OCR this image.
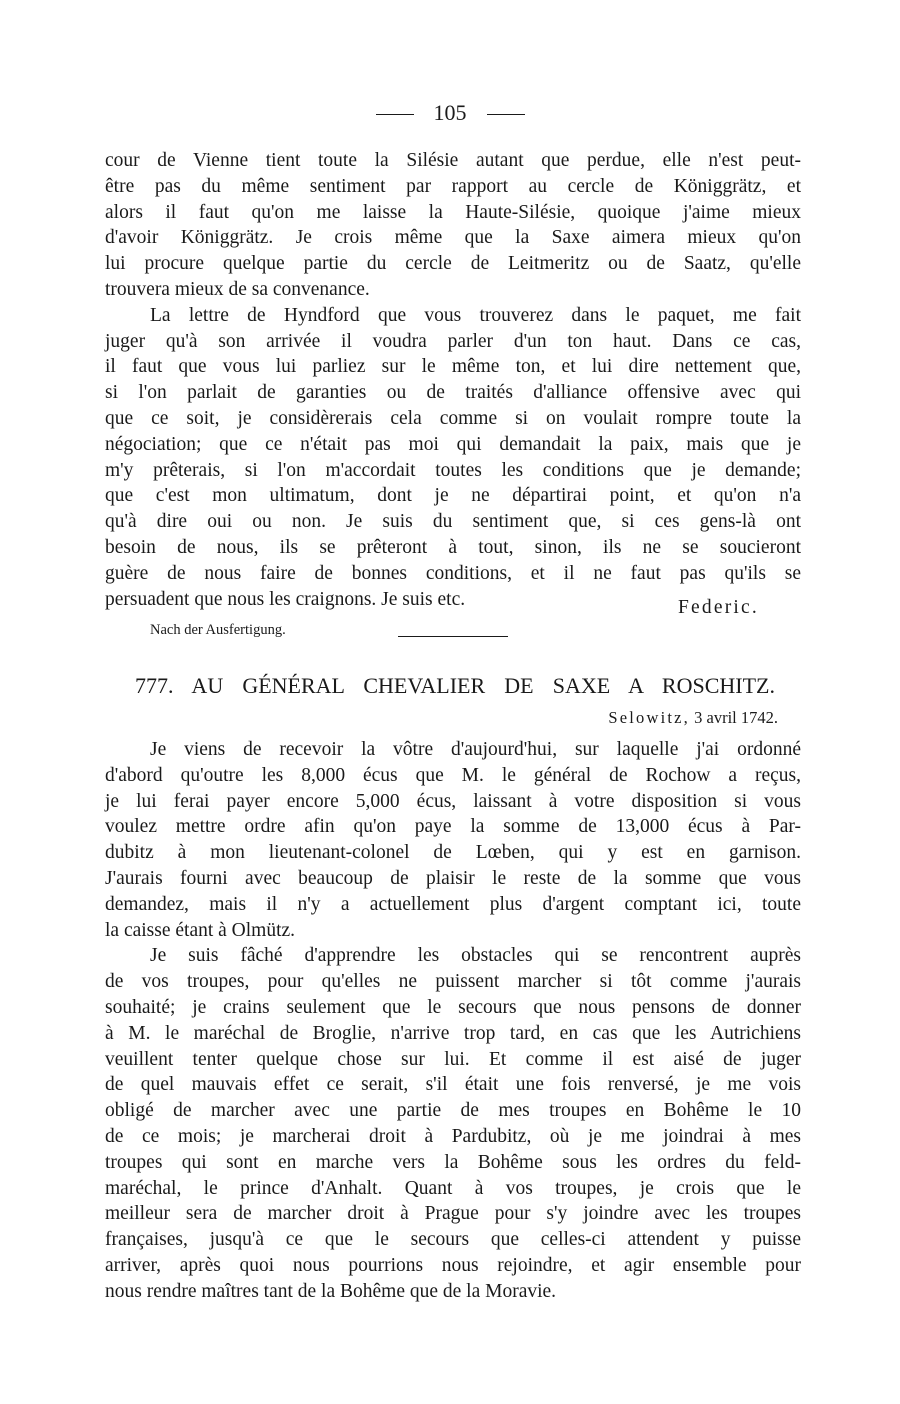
105
cour de Vienne tient toute la Silésie autant que perdue, elle n'est peut-
être pas du même sentiment par rapport au cercle de Königgrätz, et
alors il faut qu'on me laisse la Haute-Silésie, quoique j'aime mieux
d'avoir Königgrätz. Je crois même que la Saxe aimera mieux qu'on
lui procure quelque partie du cercle de Leitmeritz ou de Saatz, qu'elle
trouvera mieux de sa convenance.
La lettre de Hyndford que vous trouverez dans le paquet, me fait
juger qu'à son arrivée il voudra parler d'un ton haut. Dans ce cas,
il faut que vous lui parliez sur le même ton, et lui dire nettement que,
si l'on parlait de garanties ou de traités d'alliance offensive avec qui
que ce soit, je considèrerais cela comme si on voulait rompre toute la
négociation; que ce n'était pas moi qui demandait la paix, mais que je
m'y prêterais, si l'on m'accordait toutes les conditions que je demande;
que c'est mon ultimatum, dont je ne départirai point, et qu'on n'a
qu'à dire oui ou non. Je suis du sentiment que, si ces gens-là ont
besoin de nous, ils se prêteront à tout, sinon, ils ne se soucieront
guère de nous faire de bonnes conditions, et il ne faut pas qu'ils se
persuadent que nous les craignons. Je suis etc.	Federic.
Nach der Ausfertigung.
777. AU GÉNÉRAL CHEVALIER DE SAXE A ROSCHITZ.
Selowitz, 3 avril 1742.
Je viens de recevoir la vôtre d'aujourd'hui, sur laquelle j'ai ordonné
d'abord qu'outre les 8,000 écus que M. le général de Rochow a reçus,
je lui ferai payer encore 5,000 écus, laissant à votre disposition si vous
voulez mettre ordre afin qu'on paye la somme de 13,000 écus à Par-
dubitz à mon lieutenant-colonel de Lœben, qui y est en garnison.
J'aurais fourni avec beaucoup de plaisir le reste de la somme que vous
demandez, mais il n'y a actuellement plus d'argent comptant ici, toute
la caisse étant à Olmütz.
Je suis fâché d'apprendre les obstacles qui se rencontrent auprès
de vos troupes, pour qu'elles ne puissent marcher si tôt comme j'aurais
souhaité; je crains seulement que le secours que nous pensons de donner
à M. le maréchal de Broglie, n'arrive trop tard, en cas que les Autrichiens
veuillent tenter quelque chose sur lui. Et comme il est aisé de juger
de quel mauvais effet ce serait, s'il était une fois renversé, je me vois
obligé de marcher avec une partie de mes troupes en Bohême le 10
de ce mois; je marcherai droit à Pardubitz, où je me joindrai à mes
troupes qui sont en marche vers la Bohême sous les ordres du feld-
maréchal, le prince d'Anhalt. Quant à vos troupes, je crois que le
meilleur sera de marcher droit à Prague pour s'y joindre avec les troupes
françaises, jusqu'à ce que le secours que celles-ci attendent y puisse
arriver, après quoi nous pourrions nous rejoindre, et agir ensemble pour
nous rendre maîtres tant de la Bohême que de la Moravie.
